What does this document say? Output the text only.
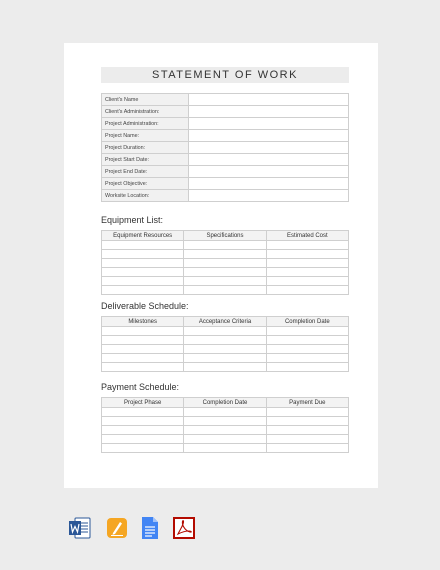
STATEMENT OF WORK
Client's Name	
Client's Administration:	
Project Administration:	
Project Name:	
Project Duration:	
Project Start Date:	
Project End Date:	
Project Objective:	
Worksite Location:	
Equipment List:
Equipment Resources	Specifications	Estimated Cost

Deliverable Schedule:
Milestones	Acceptance Criteria	Completion Date

Payment Schedule:
Project Phase	Completion Date	Payment Due
